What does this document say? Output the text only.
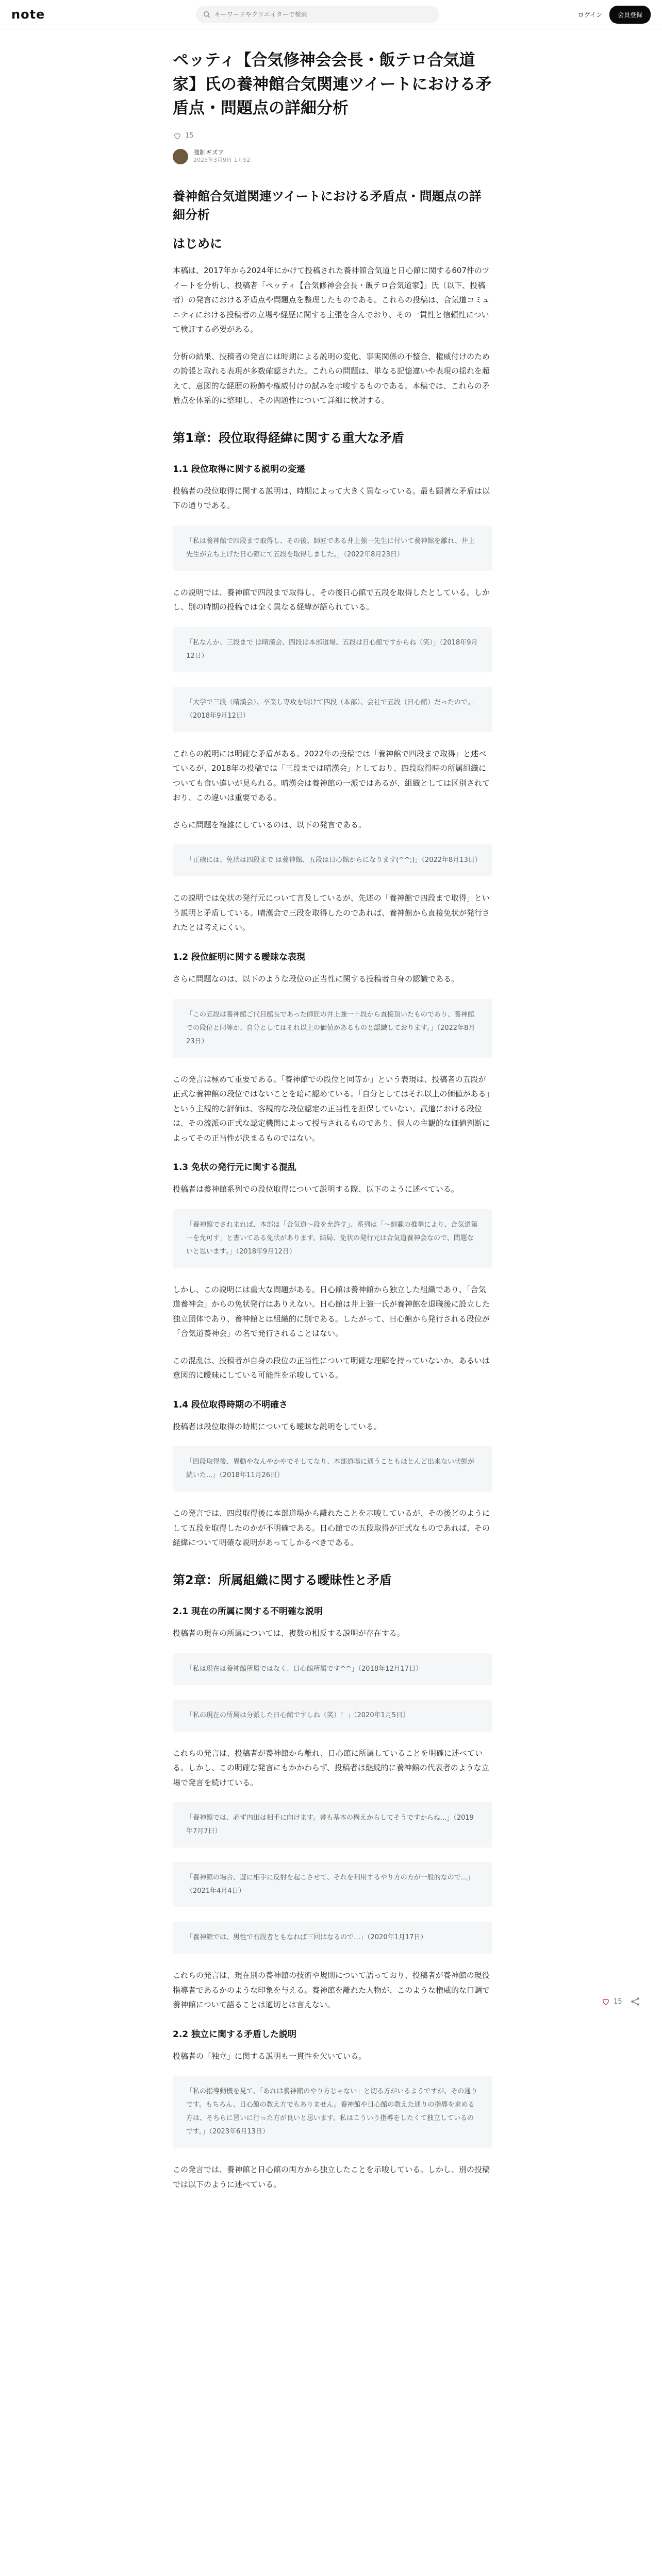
note
キーワードやクリエイターで検索	ログイン	会員登録
ペッティ【合気修神会会長・飯テロ合気道家】氏の養神館合気関連ツイートにおける矛盾点・問題点の詳細分析
15
強制ギズア
2025年3月9日 17:52
養神館合気道関連ツイートにおける矛盾点・問題点の詳細分析
はじめに

本稿は、2017年から2024年にかけて投稿された養神館合気道と日心館に関する607件のツイートを分析し、投稿者「ペッティ【合気修神会会長・飯テロ合気道家】」氏（以下、投稿者）の発言における矛盾点や問題点を整理したものである。これらの投稿は、合気道コミュニティにおける投稿者の立場や経歴に関する主張を含んでおり、その一貫性と信頼性について検証する必要がある。

分析の結果、投稿者の発言には時期による説明の変化、事実関係の不整合、権威付けのための誇張と取れる表現が多数確認された。これらの問題は、単なる記憶違いや表現の揺れを超えて、意図的な経歴の粉飾や権威付けの試みを示唆するものである。本稿では、これらの矛盾点を体系的に整理し、その問題性について詳細に検討する。

第1章：段位取得経緯に関する重大な矛盾
1.1 段位取得に関する説明の変遷

投稿者の段位取得に関する説明は、時期によって大きく異なっている。最も顕著な矛盾は以下の通りである。

「私は養神館で四段まで取得し、その後、師匠である井上強一先生に付いて養神館を離れ、井上先生が立ち上げた日心館にて五段を取得しました。」（2022年8月23日）

この説明では、養神館で四段まで取得し、その後日心館で五段を取得したとしている。しかし、別の時期の投稿では全く異なる経緯が語られている。

「私なんか、三段まで は晴漢会、四段は本部道場、五段は日心館ですからね（笑）」（2018年9月12日）
「大学で三段（晴漢会）、卒業し専攻を明けて四段（本部）、会社で五段（日心館）だったので。」（2018年9月12日）

これらの説明には明確な矛盾がある。2022年の投稿では「養神館で四段まで取得」と述べているが、2018年の投稿では「三段までは晴漢会」としており、四段取得時の所属組織についても食い違いが見られる。晴漢会は養神館の一派ではあるが、組織としては区別されており、この違いは重要である。

さらに問題を複雑にしているのは、以下の発言である。

「正確には、免状は四段まで は養神館、五段は日心館からになります(^^;)」（2022年8月13日）

この説明では免状の発行元について言及しているが、先述の「養神館で四段まで取得」という説明と矛盾している。晴漢会で三段を取得したのであれば、養神館から直接免状が発行されたとは考えにくい。

1.2 段位証明に関する曖昧な表現

さらに問題なのは、以下のような段位の正当性に関する投稿者自身の認識である。

「この五段は養神館ご代目館長であった師匠の井上強一十段から直接頂いたものであり、養神館での段位と同等か、自分としてはそれ以上の価値があるものと認識しております。」（2022年8月23日）

この発言は極めて重要である。「養神館での段位と同等か」という表現は、投稿者の五段が正式な養神館の段位ではないことを暗に認めている。「自分としてはそれ以上の価値がある」という主観的な評価は、客観的な段位認定の正当性を担保していない。武道における段位は、その流派の正式な認定機関によって授与されるものであり、個人の主観的な価値判断によってその正当性が決まるものではない。

1.3 免状の発行元に関する混乱

投稿者は養神館系列での段位取得について説明する際、以下のように述べている。

「養神館でされまれば、本部は「合気道〜段を允許す」、系列は「〜師範の推挙により、合気道第一を允可す」と書いてある免状があります。結局、免状の発行元は合気道養神会なので、問題ないと思います。」（2018年9月12日）

しかし、この説明には重大な問題がある。日心館は養神館から独立した組織であり、「合気道養神会」からの免状発行はありえない。日心館は井上強一氏が養神館を退職後に設立した独立団体であり、養神館とは組織的に別である。したがって、日心館から発行される段位が「合気道養神会」の名で発行されることはない。

この混乱は、投稿者が自身の段位の正当性について明確な理解を持っていないか、あるいは意図的に曖昧にしている可能性を示唆している。

1.4 段位取得時期の不明確さ

投稿者は段位取得の時期についても曖昧な説明をしている。

「四段取得後、異動やなんやかやでそしてなり、本部道場に通うこともほとんど出来ない状態が続いた...」（2018年11月26日）

この発言では、四段取得後に本部道場から離れたことを示唆しているが、その後どのようにして五段を取得したのかが不明確である。日心館での五段取得が正式なものであれば、その経緯について明確な説明があってしかるべきである。

第2章：所属組織に関する曖昧性と矛盾
2.1 現在の所属に関する不明確な説明

投稿者の現在の所属については、複数の相反する説明が存在する。

「私は現在は養神館所属ではなく、日心館所属です^^」（2018年12月17日）
「私の現在の所属は分派した日心館ですしね（笑）！」（2020年1月5日）

これらの発言は、投稿者が養神館から離れ、日心館に所属していることを明確に述べている。しかし、この明確な発言にもかかわらず、投稿者は継続的に養神館の代表者のような立場で発言を続けている。

「養神館では、必ず内田は相手に向けます。書も基本の構えからしてそうですからね...」（2019年7月7日）
「養神館の場合、遊に相手に反射を起こさせて、それを利用するやり方の方が一般的なので...」（2021年4月4日）
「養神館では、男性で有段者ともなれば三回はなるので…」（2020年1月17日）

これらの発言は、現在別の養神館の技術や規則について語っており、投稿者が養神館の現役指導者であるかのような印象を与える。養神館を離れた人物が、このような権威的な口調で養神館について語ることは適切とは言えない。

2.2 独立に関する矛盾した説明

投稿者の「独立」に関する説明も一貫性を欠いている。

「私の指導動機を見て、「あれは養神館のやり方じゃない」と切る方がいるようですが、その通りです。もちろん、日心館の教え方でもありません。養神館や日心館の教えた通りの指導を求める方は、そちらに習いに行った方が良いと思います。私はこういう指導をしたくて独立しているのです。」（2023年6月13日）

この発言では、養神館と日心館の両方から独立したことを示唆している。しかし、別の投稿では以下のように述べている。

15
